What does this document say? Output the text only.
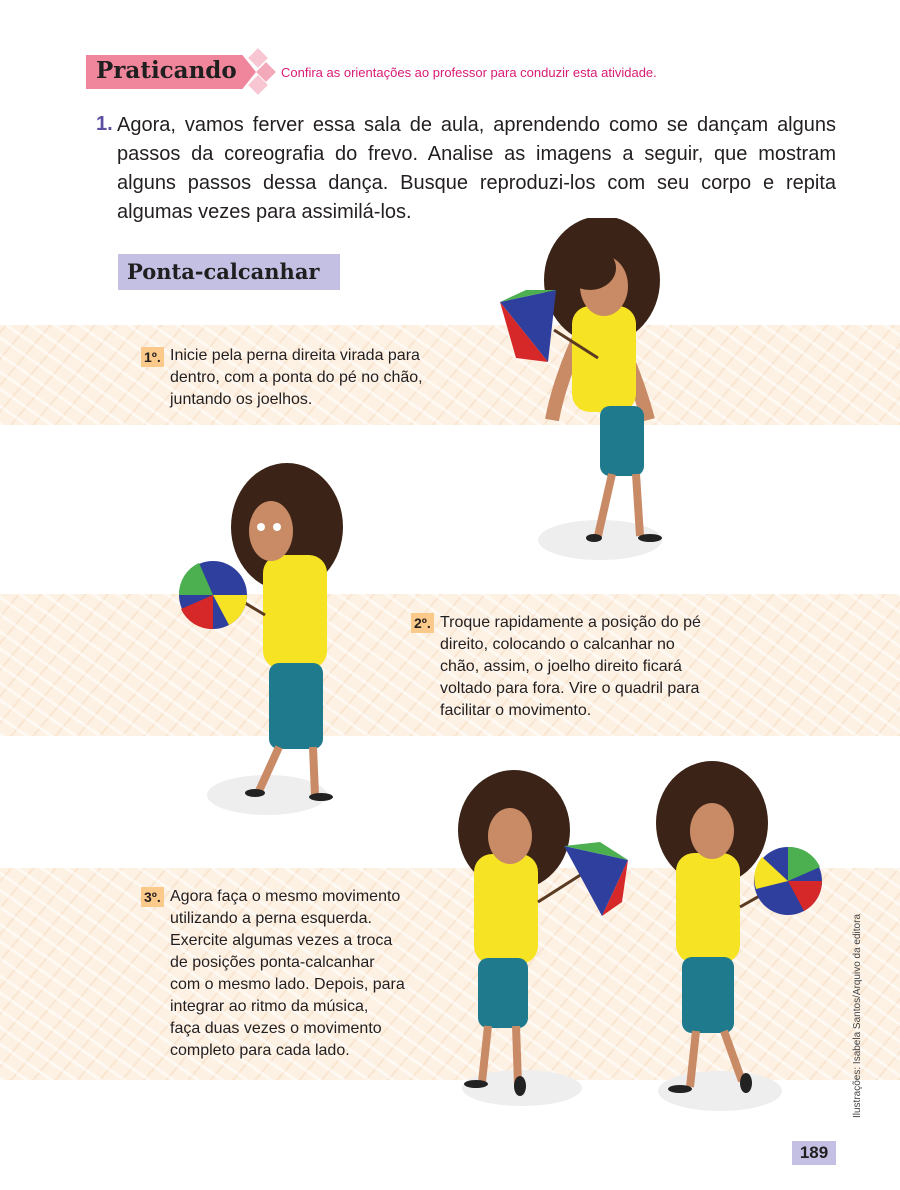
Praticando	Confira as orientações ao professor para conduzir esta atividade.
1. Agora, vamos ferver essa sala de aula, aprendendo como se dançam alguns passos da coreografia do frevo. Analise as imagens a seguir, que mostram alguns passos dessa dança. Busque reproduzi-los com seu corpo e repita algumas vezes para assimilá-los.
Ponta-calcanhar
1º. Inicie pela perna direita virada para
dentro, com a ponta do pé no chão,
juntando os joelhos.
2º. Troque rapidamente a posição do pé
direito, colocando o calcanhar no
chão, assim, o joelho direito ficará
voltado para fora. Vire o quadril para
facilitar o movimento.
3º. Agora faça o mesmo movimento
utilizando a perna esquerda.
Exercite algumas vezes a troca
de posições ponta-calcanhar
com o mesmo lado. Depois, para
integrar ao ritmo da música,
faça duas vezes o movimento
completo para cada lado.	Ilustrações: Isabela Santos/Arquivo da editora
189
